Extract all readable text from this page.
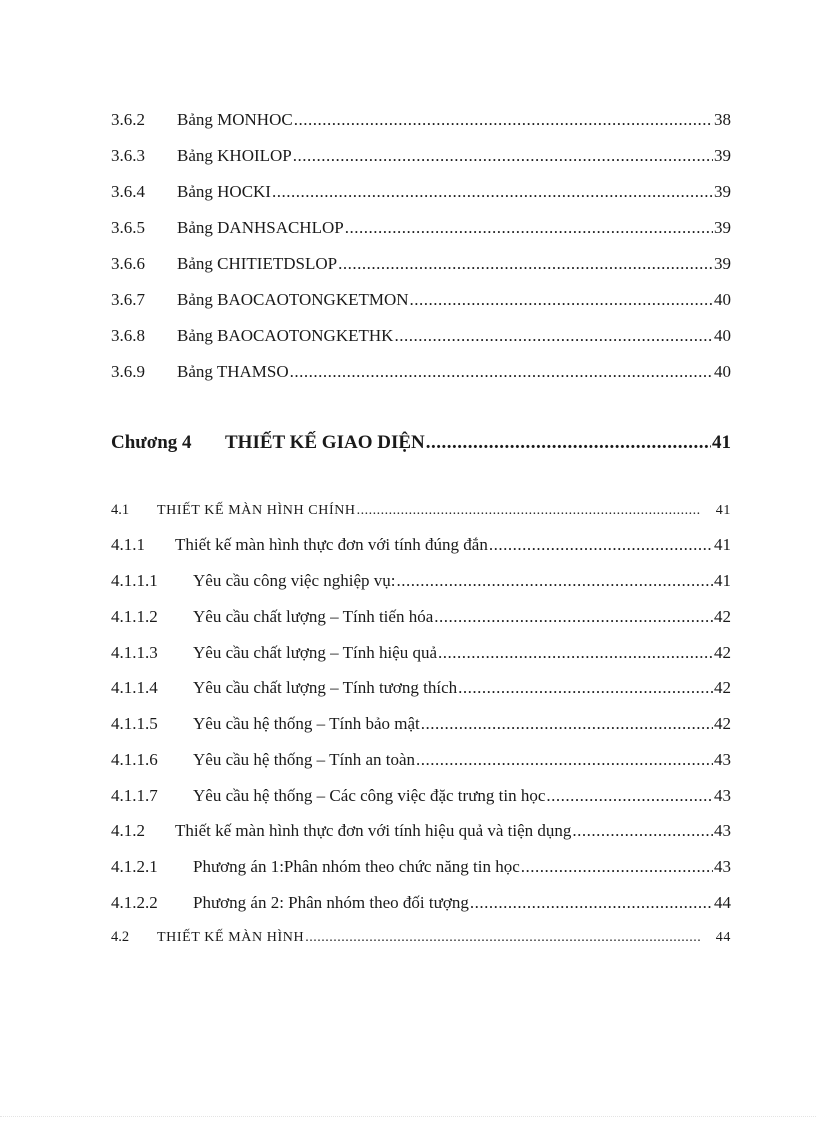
3.6.2	Bảng MONHOC .....	38
3.6.3	Bảng KHOILOP .....	39
3.6.4	Bảng HOCKI .....	39
3.6.5	Bảng DANHSACHLOP .....	39
3.6.6	Bảng CHITIETDSLOP .....	39
3.6.7	Bảng BAOCAOTONGKETMON .....	40
3.6.8	Bảng BAOCAOTONGKETHK .....	40
3.6.9	Bảng THAMSO .....	40
Chương 4	THIẾT KẾ GIAO DIỆN .....	41
4.1	THIẾT KẾ MÀN HÌNH CHÍNH .....	41
4.1.1	Thiết kế màn hình thực đơn với tính đúng đắn .....	41
4.1.1.1	Yêu cầu công việc nghiệp vụ: .....	41
4.1.1.2	Yêu cầu chất lượng – Tính tiến hóa .....	42
4.1.1.3	Yêu cầu chất lượng – Tính hiệu quả .....	42
4.1.1.4	Yêu cầu chất lượng – Tính tương thích .....	42
4.1.1.5	Yêu cầu hệ thống – Tính bảo mật .....	42
4.1.1.6	Yêu cầu hệ thống – Tính an toàn .....	43
4.1.1.7	Yêu cầu hệ thống – Các công việc đặc trưng tin học .....	43
4.1.2	Thiết kế màn hình thực đơn với tính hiệu quả và tiện dụng .....	43
4.1.2.1	Phương án 1:Phân nhóm theo chức năng tin học .....	43
4.1.2.2	Phương án 2: Phân nhóm theo đối tượng .....	44
4.2	THIẾT KẾ MÀN HÌNH .....	44
